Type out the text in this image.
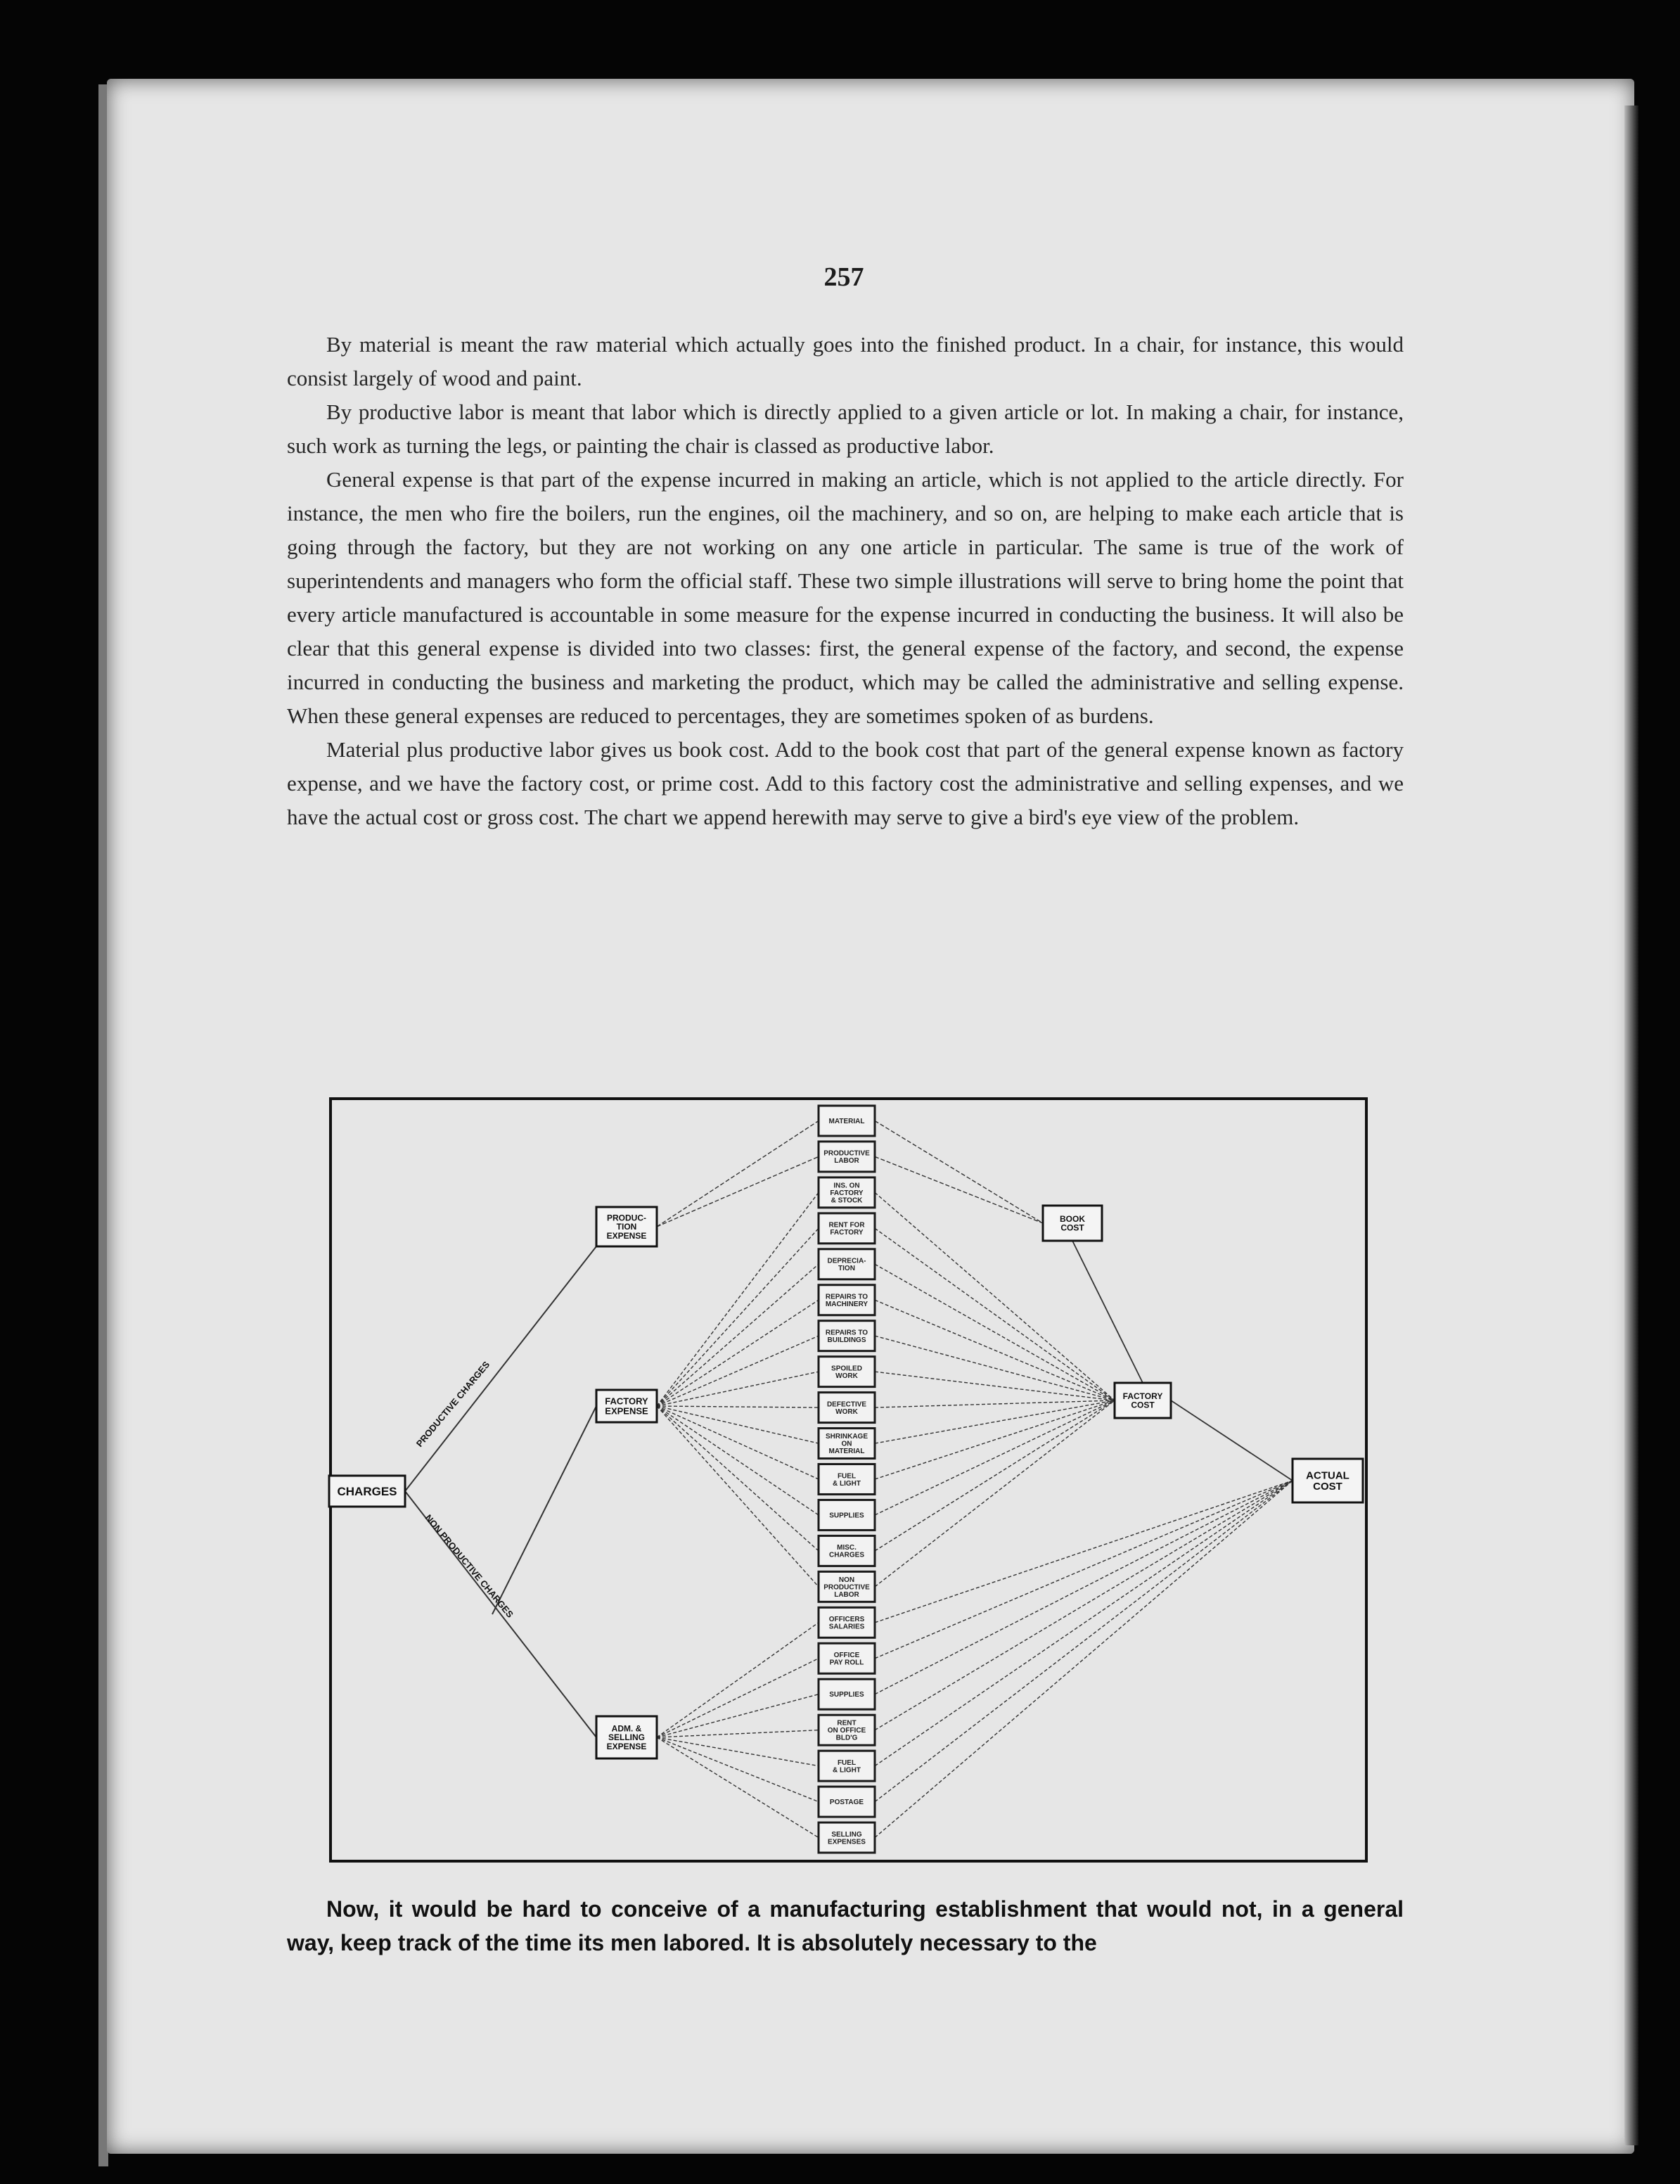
257

By material is meant the raw material which actually goes into the finished product. In a chair, for instance, this would consist largely of wood and paint.

By productive labor is meant that labor which is directly applied to a given article or lot. In making a chair, for instance, such work as turning the legs, or painting the chair is classed as productive labor.

General expense is that part of the expense incurred in making an article, which is not applied to the article directly. For instance, the men who fire the boilers, run the engines, oil the machinery, and so on, are helping to make each article that is going through the factory, but they are not working on any one article in particular. The same is true of the work of superintendents and managers who form the official staff. These two simple illustrations will serve to bring home the point that every article manufactured is accountable in some measure for the expense incurred in conducting the business. It will also be clear that this general expense is divided into two classes: first, the general expense of the factory, and second, the expense incurred in conducting the business and marketing the product, which may be called the administrative and selling expense. When these general expenses are reduced to percentages, they are sometimes spoken of as burdens.

Material plus productive labor gives us book cost. Add to the book cost that part of the general expense known as factory expense, and we have the factory cost, or prime cost. Add to this factory cost the administrative and selling expenses, and we have the actual cost or gross cost. The chart we append herewith may serve to give a bird's eye view of the problem.

CHARGES
PRODUC-
TION
EXPENSE
FACTORY
EXPENSE
ADM. &
SELLING
EXPENSE
BOOK
COST
FACTORY
COST
ACTUAL
COST
MATERIAL
PRODUCTIVE
LABOR
INS. ON
FACTORY
& STOCK
RENT FOR
FACTORY
DEPRECIA-
TION
REPAIRS TO
MACHINERY
REPAIRS TO
BUILDINGS
SPOILED
WORK
DEFECTIVE
WORK
SHRINKAGE
ON
MATERIAL
FUEL
& LIGHT
SUPPLIES
MISC.
CHARGES
NON
PRODUCTIVE
LABOR
OFFICERS
SALARIES
OFFICE
PAY ROLL
SUPPLIES
RENT
ON OFFICE
BLD'G
FUEL
& LIGHT
POSTAGE
SELLING
EXPENSES
PRODUCTIVE CHARGES
NON PRODUCTIVE CHARGES

Now, it would be hard to conceive of a manufacturing establishment that would not, in a general way, keep track of the time its men labored. It is absolutely necessary to the
